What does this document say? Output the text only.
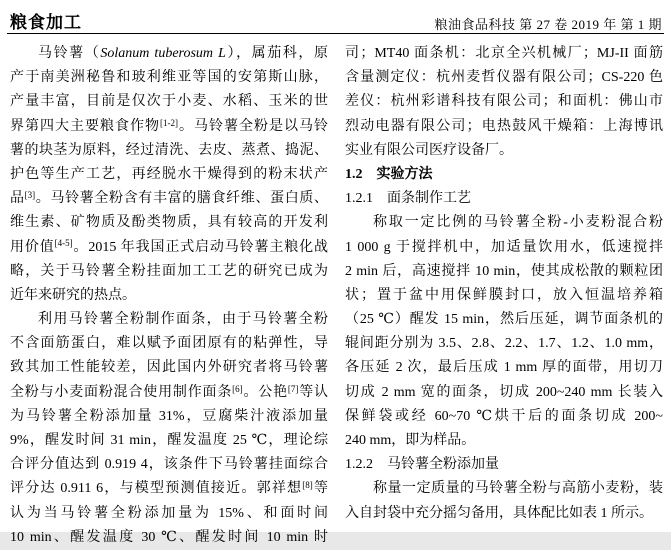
粮食加工	粮油食品科技 第 27 卷 2019 年 第 1 期
马铃薯（Solanum tuberosum L），属茄科，原
产于南美洲秘鲁和玻利维亚等国的安第斯山脉，
产量丰富，目前是仅次于小麦、水稻、玉米的世
界第四大主要粮食作物[1-2]。马铃薯全粉是以马铃
薯的块茎为原料，经过清洗、去皮、蒸煮、捣泥、
护色等生产工艺，再经脱水干燥得到的粉末状产
品[3]。马铃薯全粉含有丰富的膳食纤维、蛋白质、
维生素、矿物质及酚类物质，具有较高的开发利
用价值[4-5]。2015 年我国正式启动马铃薯主粮化战
略，关于马铃薯全粉挂面加工工艺的研究已成为
近年来研究的热点。
利用马铃薯全粉制作面条，由于马铃薯全粉
不含面筋蛋白，难以赋予面团原有的粘弹性，导
致其加工性能较差，因此国内外研究者将马铃薯
全粉与小麦面粉混合使用制作面条[6]。公艳[7]等认
为马铃薯全粉添加量 31%，豆腐柴汁液添加量
9%，醒发时间 31 min，醒发温度 25 ℃，理论综
合评分值达到 0.919 4，该条件下马铃薯挂面综合
评分达 0.911 6，与模型预测值接近。郭祥想[8]等
认为当马铃薯全粉添加量为 15%、和面时间
10 min、醒发温度 30 ℃、醒发时间 10 min 时
司；MT40 面条机：北京全兴机械厂；MJ-II 面筋
含量测定仪：杭州麦哲仪器有限公司；CS-220 色
差仪：杭州彩谱科技有限公司；和面机：佛山市
烈动电器有限公司；电热鼓风干燥箱：上海博讯
实业有限公司医疗设备厂。
1.2　实验方法
1.2.1　面条制作工艺
称取一定比例的马铃薯全粉-小麦粉混合粉
1 000 g 于搅拌机中，加适量饮用水，低速搅拌
2 min 后，高速搅拌 10 min，使其成松散的颗粒团
状；置于盆中用保鲜膜封口，放入恒温培养箱
（25 ℃）醒发 15 min，然后压延，调节面条机的
辊间距分别为 3.5、2.8、2.2、1.7、1.2、1.0 mm，
各压延 2 次，最后压成 1 mm 厚的面带，用切刀
切成 2 mm 宽的面条，切成 200~240 mm 长装入
保鲜袋或经 60~70 ℃烘干后的面条切成 200~
240 mm，即为样品。
1.2.2　马铃薯全粉添加量
称量一定质量的马铃薯全粉与高筋小麦粉，装
入自封袋中充分摇匀备用，具体配比如表 1 所示。
